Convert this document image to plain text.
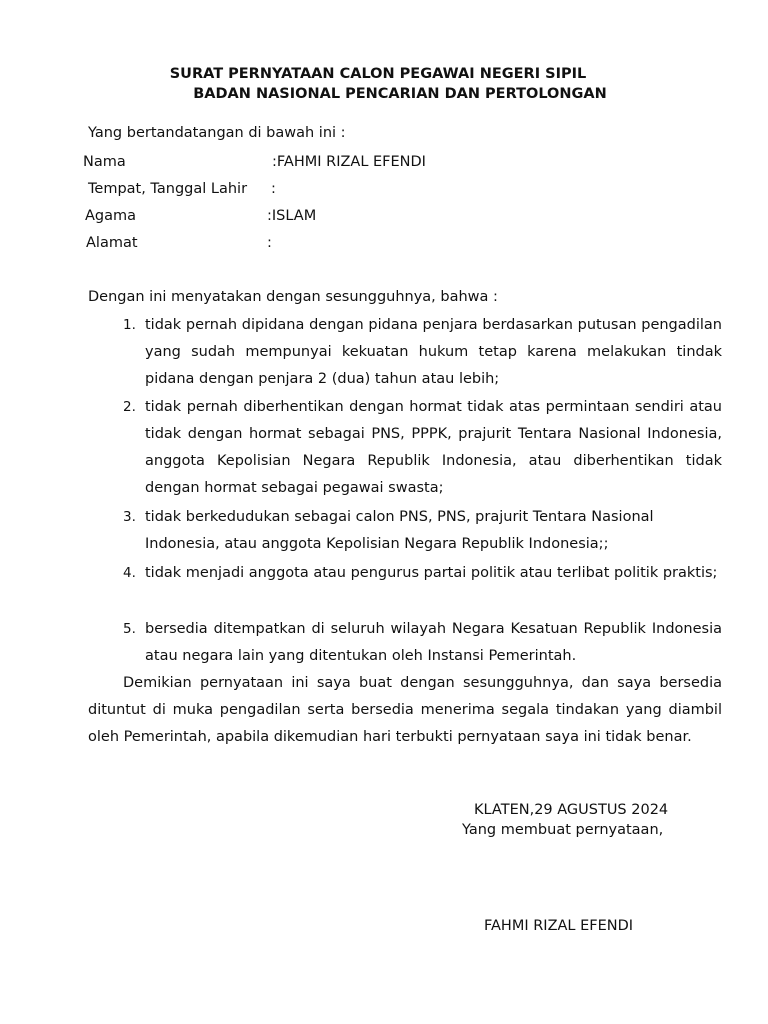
SURAT PERNYATAAN CALON PEGAWAI NEGERI SIPIL
BADAN NASIONAL PENCARIAN DAN PERTOLONGAN
Yang bertandatangan di bawah ini :
Nama	:FAHMI RIZAL EFENDI
Tempat, Tanggal Lahir :
Agama	:ISLAM
Alamat	:
Dengan ini menyatakan dengan sesungguhnya, bahwa :
1. tidak pernah dipidana dengan pidana penjara berdasarkan putusan pengadilan yang sudah mempunyai kekuatan hukum tetap karena melakukan tindak pidana dengan penjara 2 (dua) tahun atau lebih;
2. tidak pernah diberhentikan dengan hormat tidak atas permintaan sendiri atau tidak dengan hormat sebagai PNS, PPPK, prajurit Tentara Nasional Indonesia, anggota Kepolisian Negara Republik Indonesia, atau diberhentikan tidak dengan hormat sebagai pegawai swasta;
3. tidak berkedudukan sebagai calon PNS, PNS, prajurit Tentara Nasional Indonesia, atau anggota Kepolisian Negara Republik Indonesia;;
4. tidak menjadi anggota atau pengurus partai politik atau terlibat politik praktis;
5. bersedia ditempatkan di seluruh wilayah Negara Kesatuan Republik Indonesia atau negara lain yang ditentukan oleh Instansi Pemerintah.
Demikian pernyataan ini saya buat dengan sesungguhnya, dan saya bersedia dituntut di muka pengadilan serta bersedia menerima segala tindakan yang diambil oleh Pemerintah, apabila dikemudian hari terbukti pernyataan saya ini tidak benar.
KLATEN,29 AGUSTUS 2024
Yang membuat pernyataan,
FAHMI RIZAL EFENDI
